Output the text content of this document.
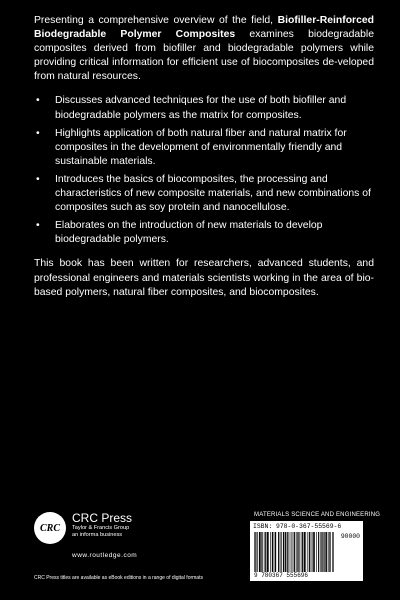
Presenting a comprehensive overview of the field, Biofiller-Reinforced Biodegradable Polymer Composites examines biodegradable composites derived from biofiller and biodegradable polymers while providing critical information for efficient use of biocomposites de-veloped from natural resources.

• Discusses advanced techniques for the use of both biofiller and biodegradable polymers as the matrix for composites.
• Highlights application of both natural fiber and natural matrix for composites in the development of environmentally friendly and sustainable materials.
• Introduces the basics of biocomposites, the processing and characteristics of new composite materials, and new combinations of composites such as soy protein and nanocellulose.
• Elaborates on the introduction of new materials to develop biodegradable polymers.

This book has been written for researchers, advanced students, and professional engineers and materials scientists working in the area of bio-based polymers, natural fiber composites, and biocomposites.

CRC
CRC Press
Taylor & Francis Group
an informa business
www.routledge.com
CRC Press titles are available as eBook editions in a range of digital formats
MATERIALS SCIENCE AND ENGINEERING
ISBN: 978-0-367-55569-6
90000
9 780367 555696
